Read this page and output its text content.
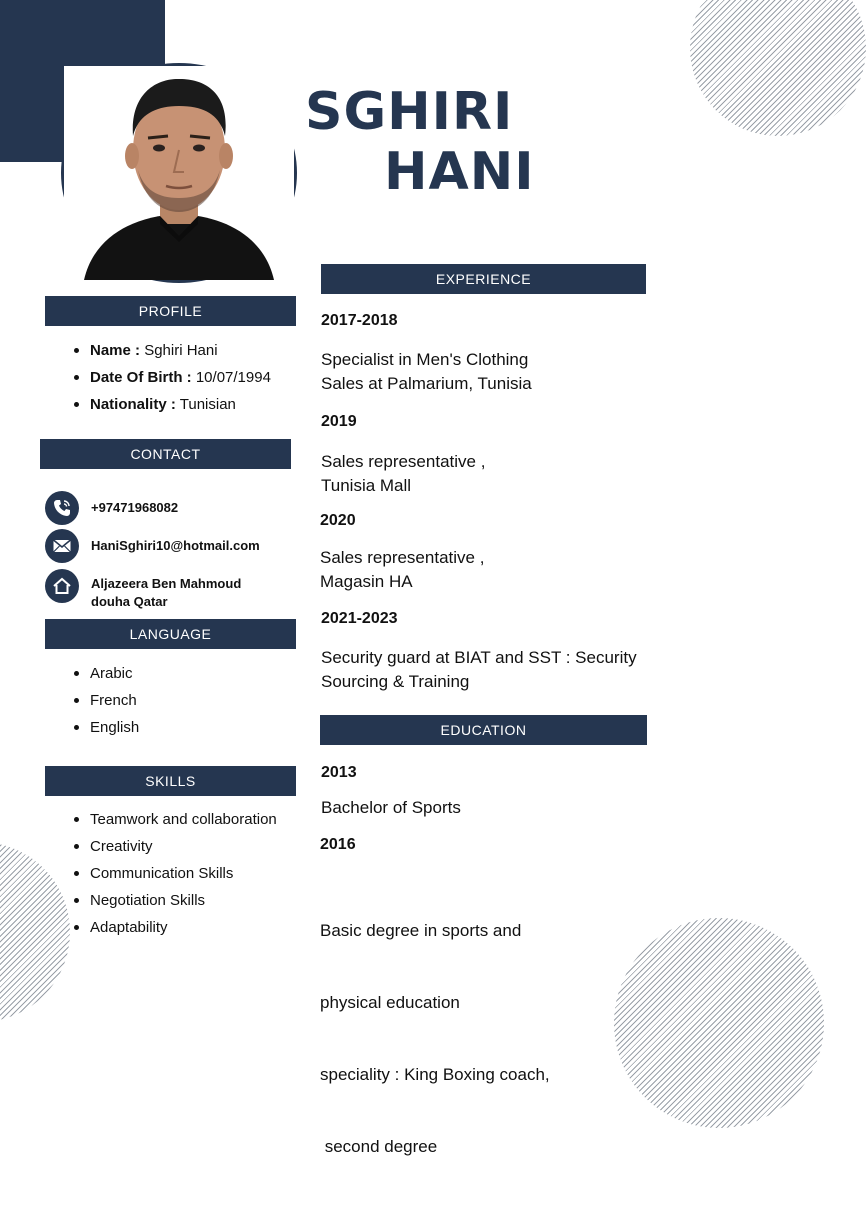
SGHIRI
HANI
PROFILE
Name : Sghiri Hani
Date Of Birth : 10/07/1994
Nationality : Tunisian
CONTACT
+97471968082
HaniSghiri10@hotmail.com
Aljazeera Ben Mahmoud
douha Qatar
LANGUAGE
Arabic
French
English
SKILLS
Teamwork and collaboration
Creativity
Communication Skills
Negotiation Skills
Adaptability
EXPERIENCE
2017-2018
Specialist in Men's Clothing
Sales at Palmarium, Tunisia
2019
Sales representative ,
Tunisia Mall
2020
Sales representative ,
Magasin HA
2021-2023
Security guard at BIAT and SST : Security
Sourcing & Training
EDUCATION
2013
Bachelor of Sports
2016

Basic degree in sports and

physical education

speciality : King Boxing coach,

second degree
